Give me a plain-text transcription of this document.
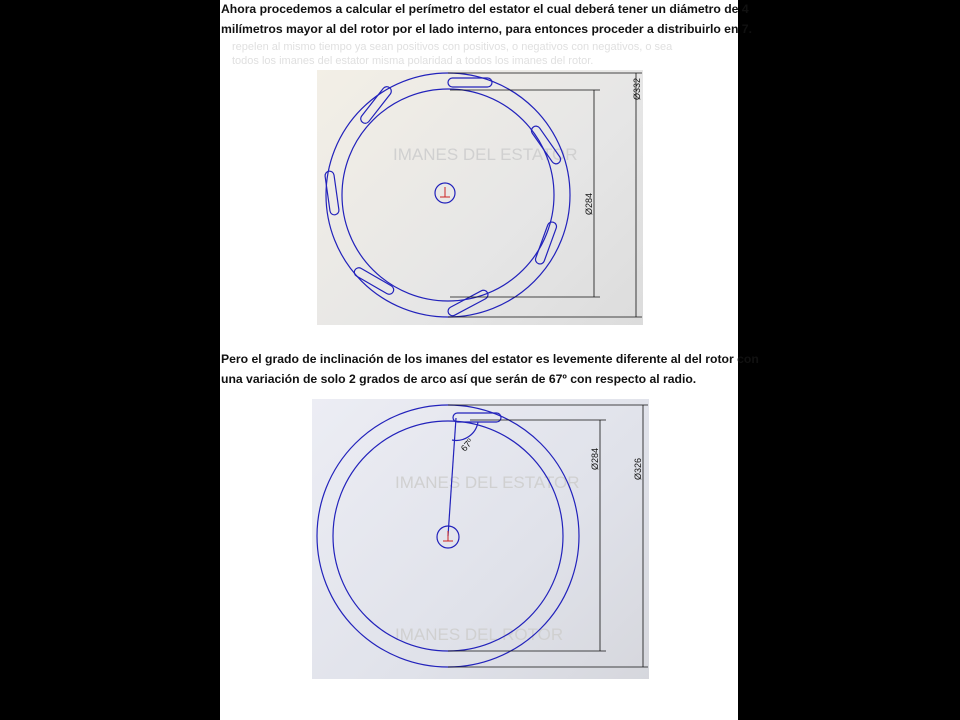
Ahora procedemos a calcular el perímetro del estator el cual deberá tener un diámetro de 4
milímetros mayor al del rotor por el lado interno, para entonces proceder a distribuirlo en 7.
repelen al mismo tiempo ya sean positivos con positivos, o negativos con negativos, o sea
todos los imanes del estator misma polaridad a todos los imanes del rotor.
IMANES DEL ESTATOR
Ø284
Ø332
Pero el grado de inclinación de los imanes del estator es levemente diferente al del rotor con
una variación de solo 2 grados de arco así que serán de 67º con respecto al radio.
IMANES DEL ESTATOR
IMANES DEL ROTOR
67º
Ø284	Ø326
